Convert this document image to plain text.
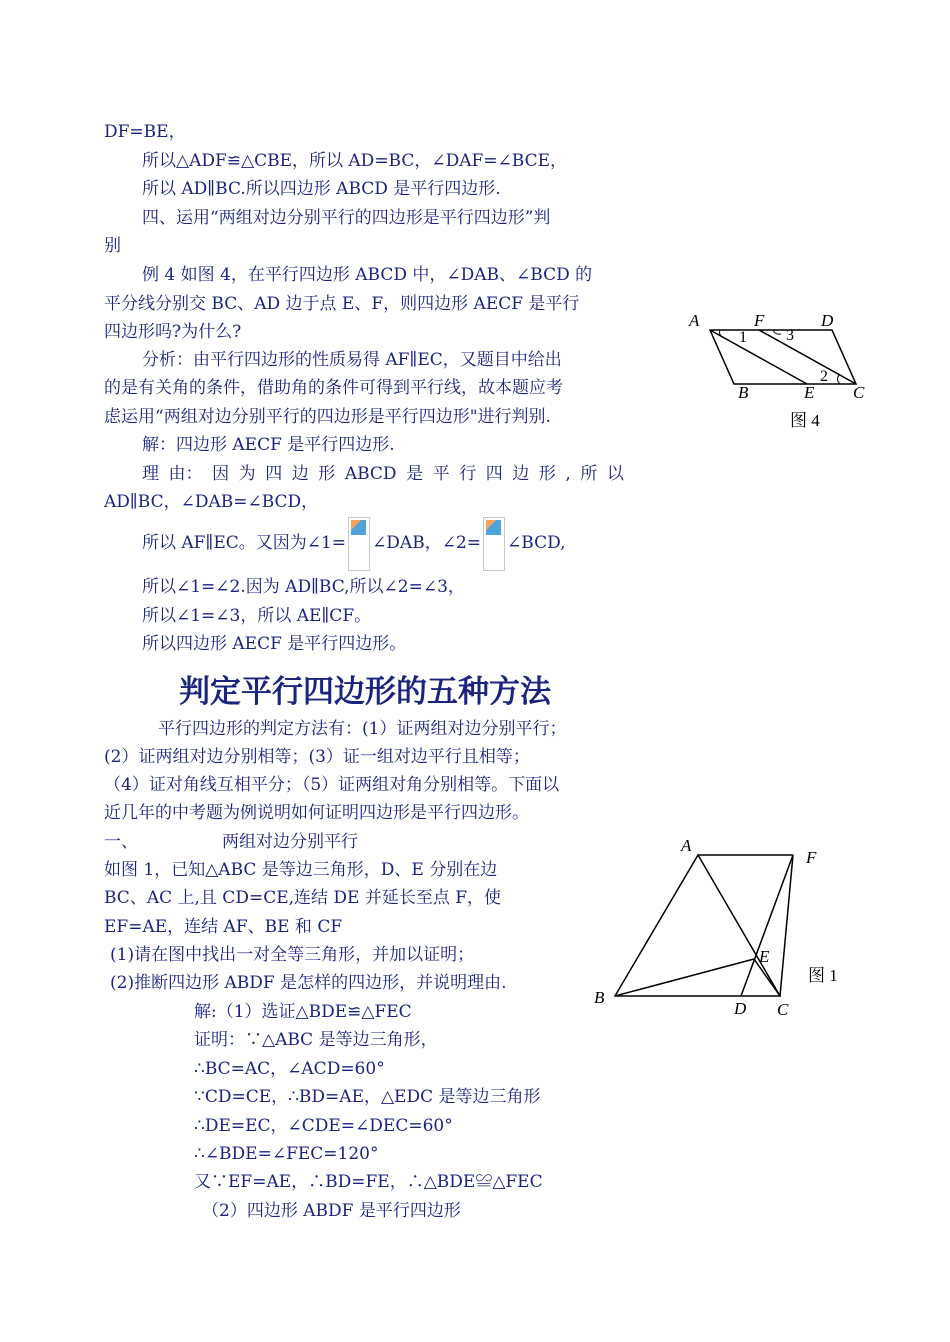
DF=BE，
所以△ADF≌△CBE，所以 AD=BC，∠DAF=∠BCE，
所以 AD∥BC.所以四边形 ABCD 是平行四边形.
四、运用“两组对边分别平行的四边形是平行四边形”判
别
例 4 如图 4，在平行四边形 ABCD 中，∠DAB、∠BCD 的
平分线分别交 BC、AD 边于点 E、F，则四边形 AECF 是平行
四边形吗?为什么?
分析：由平行四边形的性质易得 AF∥EC，又题目中给出
的是有关角的条件，借助角的条件可得到平行线，故本题应考
虑运用“两组对边分别平行的四边形是平行四边形"进行判别.
解：四边形 AECF 是平行四边形.
理 由： 因 为 四 边 形 ABCD 是 平 行 四 边 形 , 所 以
AD∥BC，∠DAB=∠BCD，
所以 AF∥EC。又因为∠1= ∠DAB，∠2= ∠BCD,
所以∠1=∠2.因为 AD∥BC,所以∠2=∠3，
所以∠1=∠3，所以 AE∥CF。
所以四边形 AECF 是平行四边形。
A	F	D
B	E C
1 3
2
图 4
判定平行四边形的五种方法
平行四边形的判定方法有：(1）证两组对边分别平行；
(2）证两组对边分别相等；(3）证一组对边平行且相等；
（4）证对角线互相平分；（5）证两组对角分别相等。下面以
近几年的中考题为例说明如何证明四边形是平行四边形。
一、	两组对边分别平行
如图 1，已知△ABC 是等边三角形，D、E 分别在边
BC、AC 上,且 CD=CE,连结 DE 并延长至点 F，使
EF=AE，连结 AF、BE 和 CF
(1)请在图中找出一对全等三角形，并加以证明；
(2)推断四边形 ABDF 是怎样的四边形，并说明理由.
解:（1）选证△BDE≌△FEC
证明：∵△ABC 是等边三角形，
∴BC=AC，∠ACD=60°
∵CD=CE，∴BD=AE，△EDC 是等边三角形
∴DE=EC，∠CDE=∠DEC=60°
∴∠BDE=∠FEC=120°
又∵EF=AE，∴BD=FE，∴△BDE≌△FEC
（2）四边形 ABDF 是平行四边形
A
F
E
B
D C
图 1
